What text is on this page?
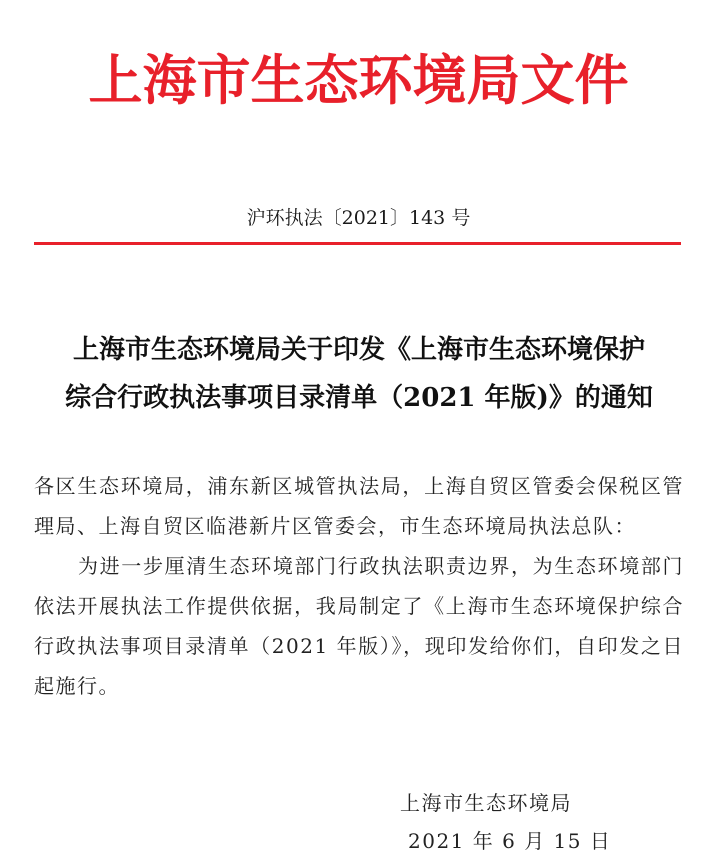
上海市生态环境局文件
沪环执法〔2021〕143 号
上海市生态环境局关于印发《上海市生态环境保护
综合行政执法事项目录清单（2021 年版)》的通知

各区生态环境局，浦东新区城管执法局，上海自贸区管委会保税区管理局、上海自贸区临港新片区管委会，市生态环境局执法总队：

为进一步厘清生态环境部门行政执法职责边界，为生态环境部门依法开展执法工作提供依据，我局制定了《上海市生态环境保护综合行政执法事项目录清单（2021 年版）》，现印发给你们，自印发之日起施行。

上海市生态环境局
2021 年 6 月 15 日
